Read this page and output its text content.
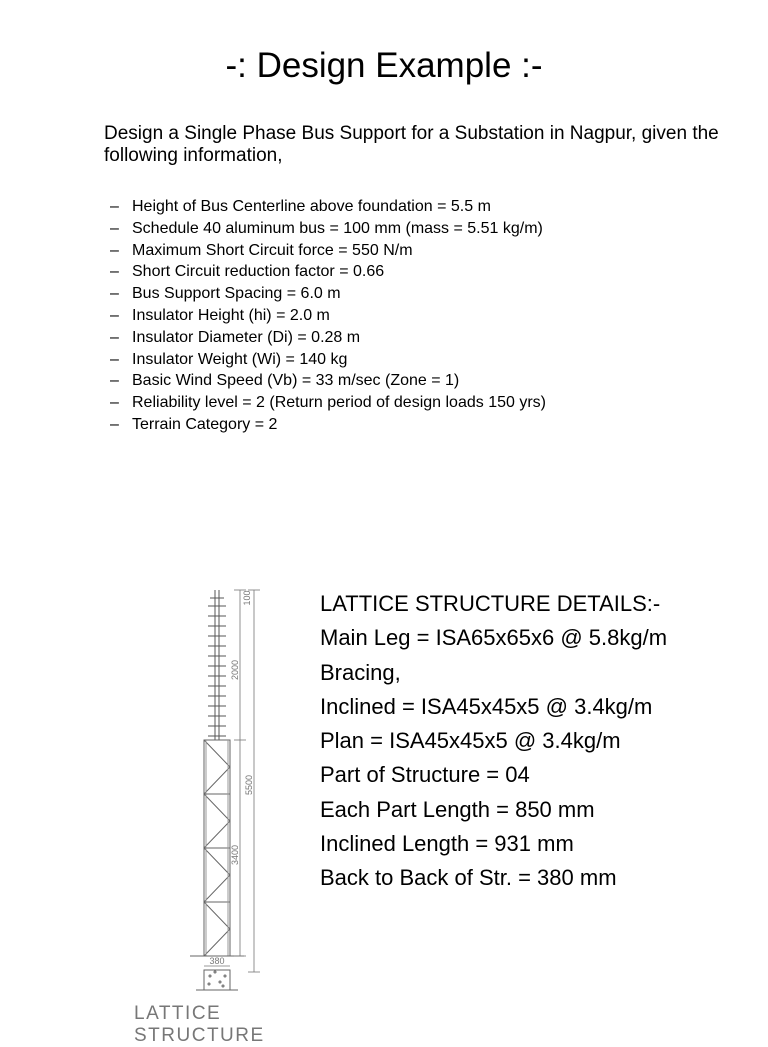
-: Design Example :-

Design a Single Phase Bus Support for a Substation in Nagpur, given the following information,

– Height of Bus Centerline above foundation = 5.5 m
– Schedule 40 aluminum bus = 100 mm (mass = 5.51 kg/m)
– Maximum Short Circuit force = 550 N/m
– Short Circuit reduction factor = 0.66
– Bus Support Spacing = 6.0 m
– Insulator Height (hi) = 2.0 m
– Insulator Diameter (Di) = 0.28 m
– Insulator Weight (Wi) = 140 kg
– Basic Wind Speed (Vb) = 33 m/sec (Zone = 1)
– Reliability level = 2 (Return period of design loads 150 yrs)
– Terrain Category = 2
100
2000
5500
3400
380

LATTICE STRUCTURE

LATTICE STRUCTURE DETAILS:-
Main Leg = ISA65x65x6 @ 5.8kg/m
Bracing,
Inclined = ISA45x45x5 @ 3.4kg/m
Plan = ISA45x45x5 @ 3.4kg/m
Part of Structure = 04
Each Part Length = 850 mm
Inclined Length = 931 mm
Back to Back of Str. = 380 mm
